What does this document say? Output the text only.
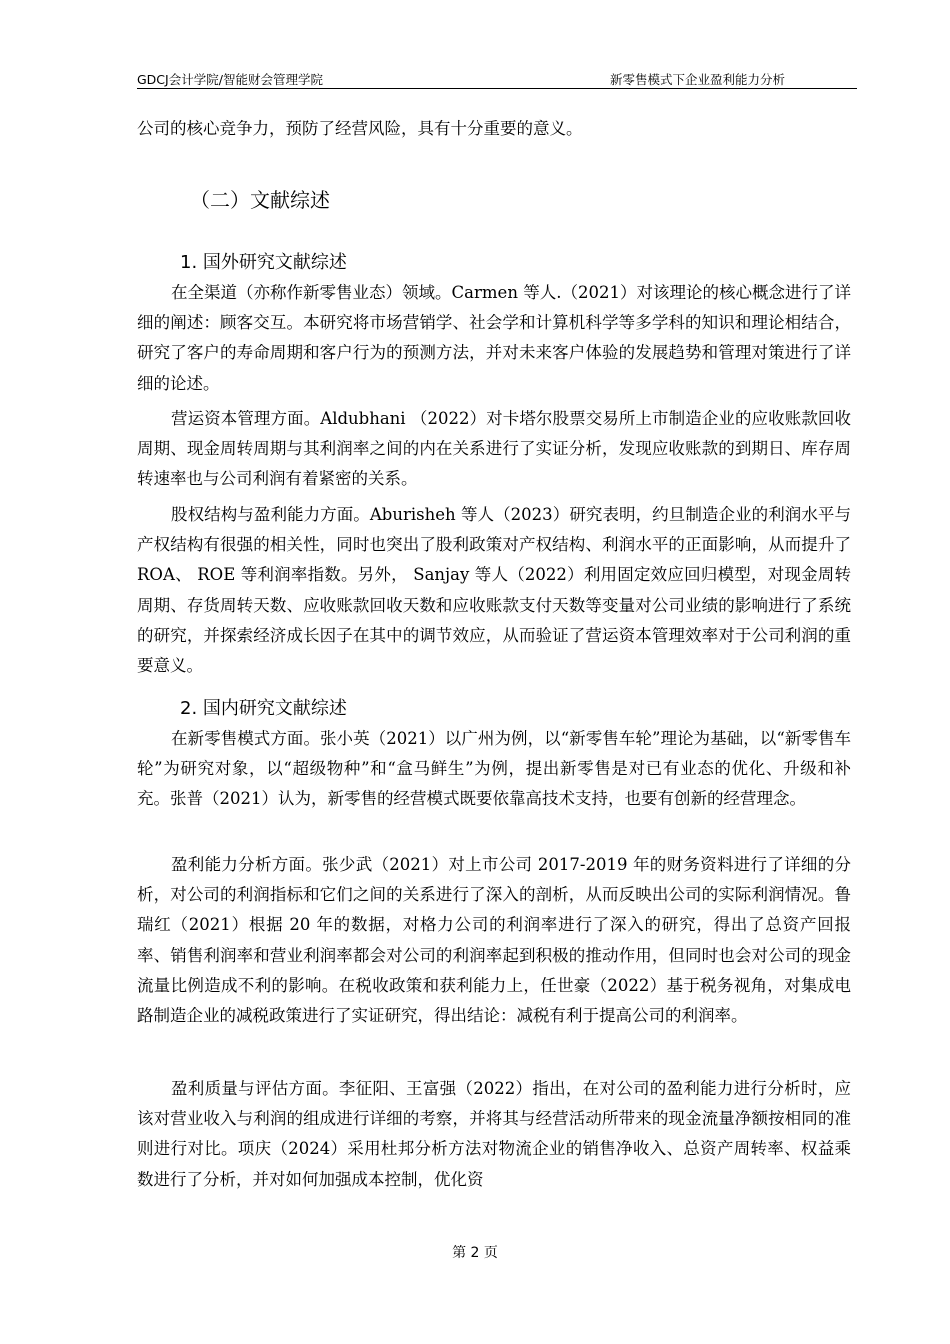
GDCJ会计学院/智能财会管理学院	新零售模式下企业盈利能力分析
公司的核心竞争力，预防了经营风险，具有十分重要的意义。
（二）文献综述
1. 国外研究文献综述
在全渠道（亦称作新零售业态）领域。Carmen 等人.（2021）对该理论的核心概念进行了详细的阐述：顾客交互。本研究将市场营销学、社会学和计算机科学等多学科的知识和理论相结合，研究了客户的寿命周期和客户行为的预测方法，并对未来客户体验的发展趋势和管理对策进行了详细的论述。
营运资本管理方面。Aldubhani （2022）对卡塔尔股票交易所上市制造企业的应收账款回收周期、现金周转周期与其利润率之间的内在关系进行了实证分析，发现应收账款的到期日、库存周转速率也与公司利润有着紧密的关系。
股权结构与盈利能力方面。Aburisheh 等人（2023）研究表明，约旦制造企业的利润水平与产权结构有很强的相关性，同时也突出了股利政策对产权结构、利润水平的正面影响，从而提升了 ROA、 ROE 等利润率指数。另外， Sanjay 等人（2022）利用固定效应回归模型，对现金周转周期、存货周转天数、应收账款回收天数和应收账款支付天数等变量对公司业绩的影响进行了系统的研究，并探索经济成长因子在其中的调节效应，从而验证了营运资本管理效率对于公司利润的重要意义。
2. 国内研究文献综述
在新零售模式方面。张小英（2021）以广州为例，以“新零售车轮”理论为基础，以“新零售车轮”为研究对象，以“超级物种”和“盒马鲜生”为例，提出新零售是对已有业态的优化、升级和补充。张普（2021）认为，新零售的经营模式既要依靠高技术支持，也要有创新的经营理念。
盈利能力分析方面。张少武（2021）对上市公司 2017-2019 年的财务资料进行了详细的分析，对公司的利润指标和它们之间的关系进行了深入的剖析，从而反映出公司的实际利润情况。鲁瑞红（2021）根据 20 年的数据，对格力公司的利润率进行了深入的研究，得出了总资产回报率、销售利润率和营业利润率都会对公司的利润率起到积极的推动作用，但同时也会对公司的现金流量比例造成不利的影响。在税收政策和获利能力上，任世豪（2022）基于税务视角，对集成电路制造企业的减税政策进行了实证研究，得出结论：减税有利于提高公司的利润率。
盈利质量与评估方面。李征阳、王富强（2022）指出，在对公司的盈利能力进行分析时，应该对营业收入与利润的组成进行详细的考察，并将其与经营活动所带来的现金流量净额按相同的准则进行对比。项庆（2024）采用杜邦分析方法对物流企业的销售净收入、总资产周转率、权益乘数进行了分析，并对如何加强成本控制，优化资
第 2 页
